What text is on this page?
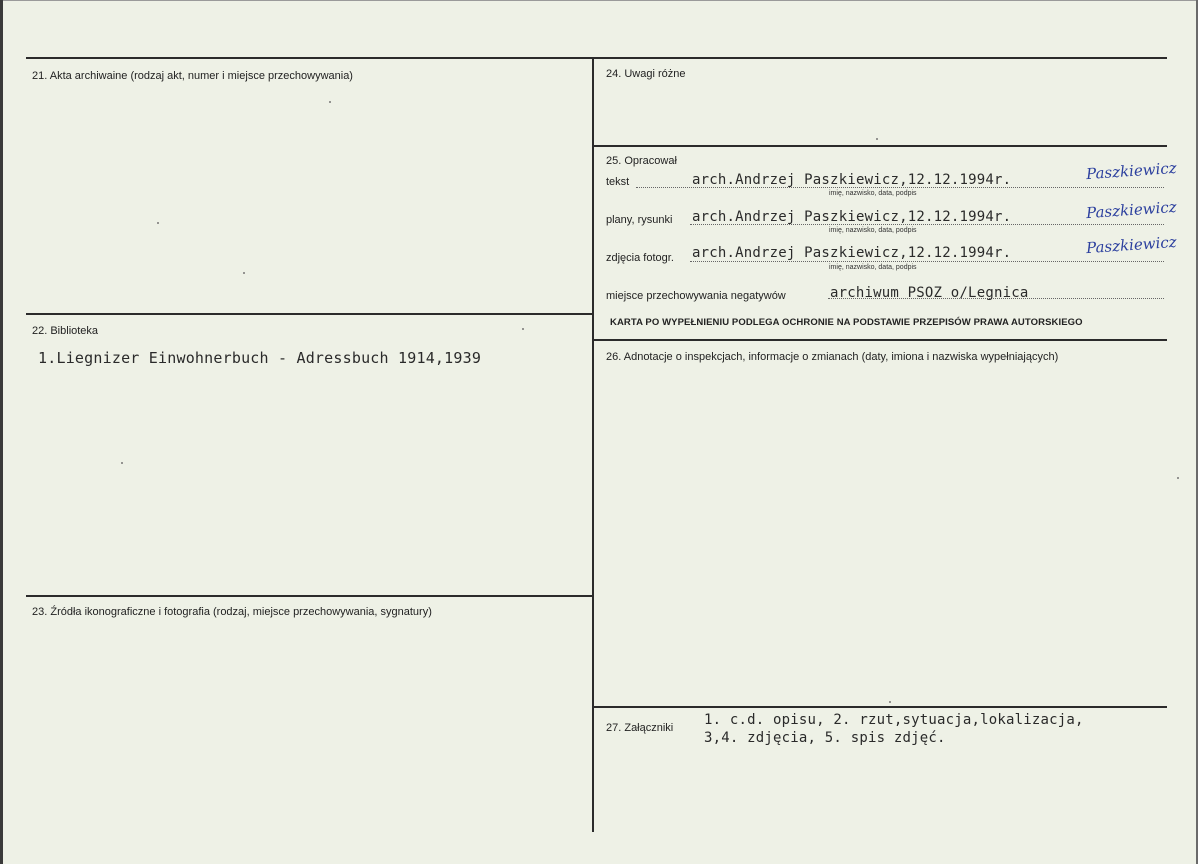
21. Akta archiwaine (rodzaj akt, numer i miejsce przechowywania)
22. Biblioteka
1.Liegnizer Einwohnerbuch - Adressbuch 1914,1939
23. Źródła ikonograficzne i fotografia (rodzaj, miejsce przechowywania, sygnatury)
24. Uwagi różne
25. Opracował
tekst	arch.Andrzej Paszkiewicz,12.12.1994r.
imię, nazwisko, data, podpis
Paszkiewicz
plany, rysunki arch.Andrzej Paszkiewicz,12.12.1994r.
imię, nazwisko, data, podpis
Paszkiewicz
zdjęcia fotogr. arch.Andrzej Paszkiewicz,12.12.1994r.
imię, nazwisko, data, podpis
Paszkiewicz
miejsce przechowywania negatywów	archiwum PSOZ o/Legnica
KARTA PO WYPEŁNIENIU PODLEGA OCHRONIE NA PODSTAWIE PRZEPISÓW PRAWA AUTORSKIEGO
26. Adnotacje o inspekcjach, informacje o zmianach (daty, imiona i nazwiska wypełniających)
27. Załączniki 1. c.d. opisu, 2. rzut,sytuacja,lokalizacja,
3,4. zdjęcia, 5. spis zdjęć.
